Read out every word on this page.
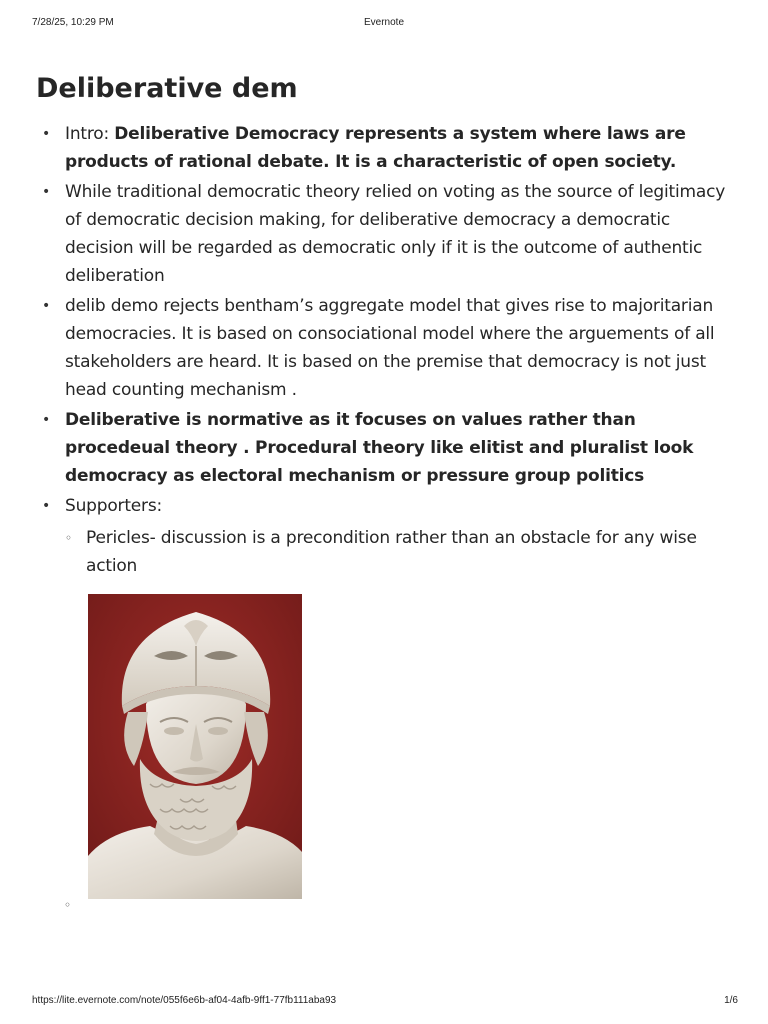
7/28/25, 10:29 PM	Evernote
Deliberative dem
• Intro: Deliberative Democracy represents a system where laws are products of rational debate. It is a characteristic of open society.
• While traditional democratic theory relied on voting as the source of legitimacy of democratic decision making, for deliberative democracy a democratic decision will be regarded as democratic only if it is the outcome of authentic deliberation
• delib demo rejects bentham’s aggregate model that gives rise to majoritarian democracies. It is based on consociational model where the arguements of all stakeholders are heard. It is based on the premise that democracy is not just head counting mechanism .
• Deliberative is normative as it focuses on values rather than procedeual theory . Procedural theory like elitist and pluralist look democracy as electoral mechanism or pressure group politics
• Supporters:
◦ Pericles- discussion is a precondition rather than an obstacle for any wise action
◦
https://lite.evernote.com/note/055f6e6b-af04-4afb-9ff1-77fb111aba93	1/6
